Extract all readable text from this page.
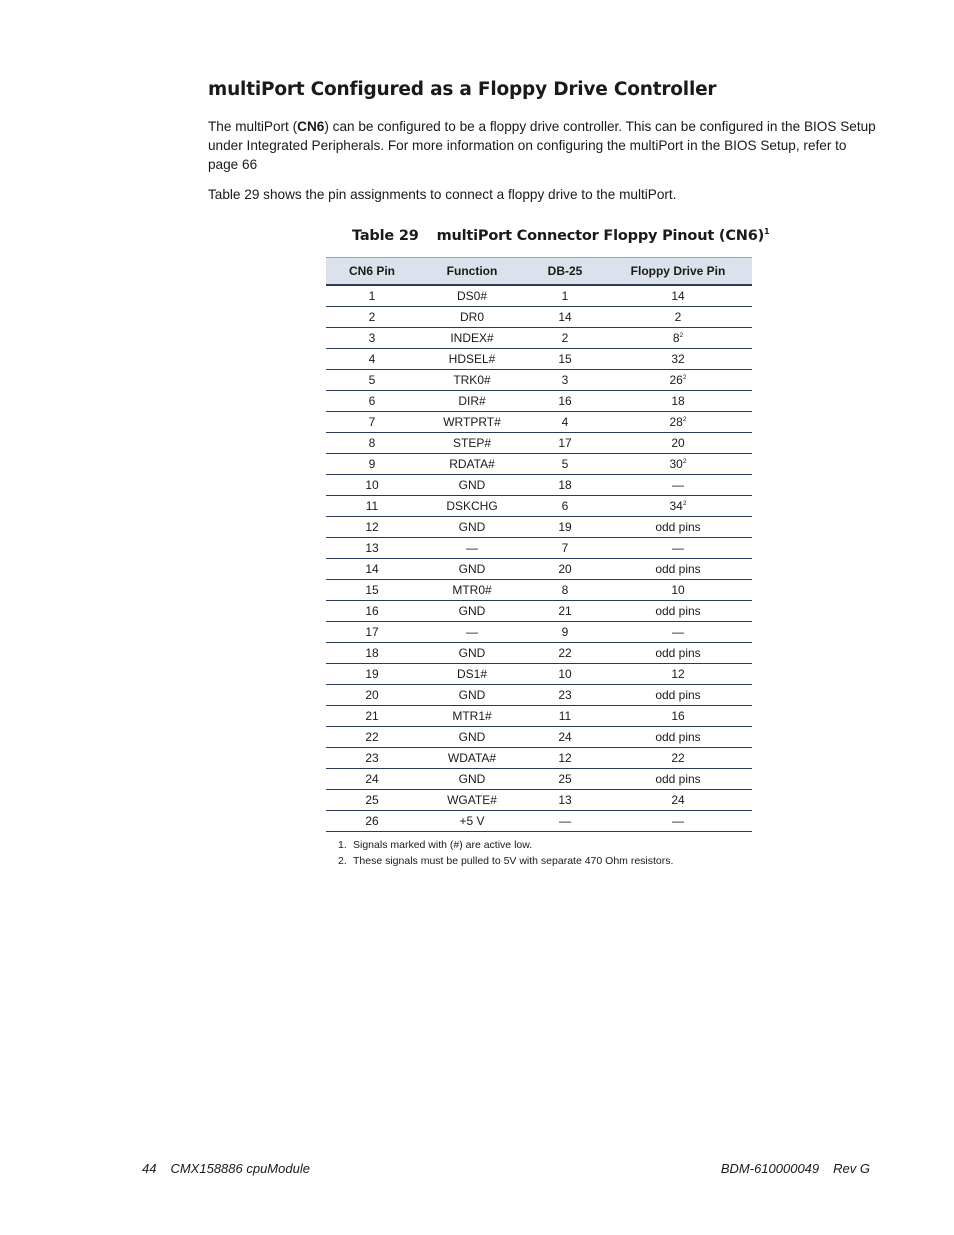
multiPort Configured as a Floppy Drive Controller

The multiPort (CN6) can be configured to be a floppy drive controller. This can be configured in the BIOS Setup under Integrated Peripherals. For more information on configuring the multiPort in the BIOS Setup, refer to page 66

Table 29 shows the pin assignments to connect a floppy drive to the multiPort.

Table 29 multiPort Connector Floppy Pinout $(CN6)^1$
CN6 Pin	Function	DB-25	Floppy Drive Pin
1	DS0#	1	14
2	DR0	14	2
3	INDEX#	2	8$^2$
4	HDSEL#	15	32
5	TRK0#	3	26$^2$
6	DIR#	16	18
7	WRTPRT#	4	28$^2$
8	STEP#	17	20
9	RDATA#	5	30$^2$
10	GND	18	—
11	DSKCHG	6	34$^2$
12	GND	19	odd pins
13	—	7	—
14	GND	20	odd pins
15	MTR0#	8	10
16	GND	21	odd pins
17	—	9	—
18	GND	22	odd pins
19	DS1#	10	12
20	GND	23	odd pins
21	MTR1#	11	16
22	GND	24	odd pins
23	WDATA#	12	22
24	GND	25	odd pins
25	WGATE#	13	24
26	+5 V	—	—
1. Signals marked with (#) are active low.
2. These signals must be pulled to 5V with separate 470 Ohm resistors.
44 CMX158886 cpuModule	BDM-610000049 Rev G
